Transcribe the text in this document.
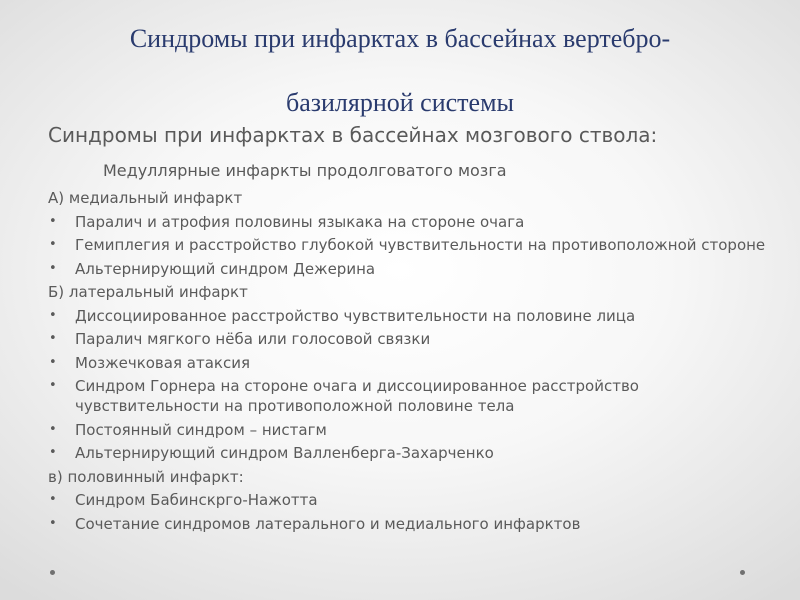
Синдромы при инфарктах в бассейнах вертебро-
базилярной системы
Синдромы при инфарктах в бассейнах мозгового ствола:
Медуллярные инфаркты продолговатого мозга
А) медиальный инфаркт
• Паралич и атрофия половины языкака на стороне очага
• Гемиплегия и расстройство глубокой чувствительности на противоположной стороне
• Альтернирующий синдром Дежерина
Б) латеральный инфаркт
• Диссоциированное расстройство чувствительности на половине лица
• Паралич мягкого нёба или голосовой связки
• Мозжечковая атаксия
• Синдром Горнера на стороне очага и диссоциированное расстройство чувствительности на противоположной половине тела
• Постоянный синдром – нистагм
• Альтернирующий синдром Валленберга-Захарченко
в) половинный инфаркт:
• Синдром Бабинскрго-Нажотта
• Сочетание синдромов латерального и медиального инфарктов
